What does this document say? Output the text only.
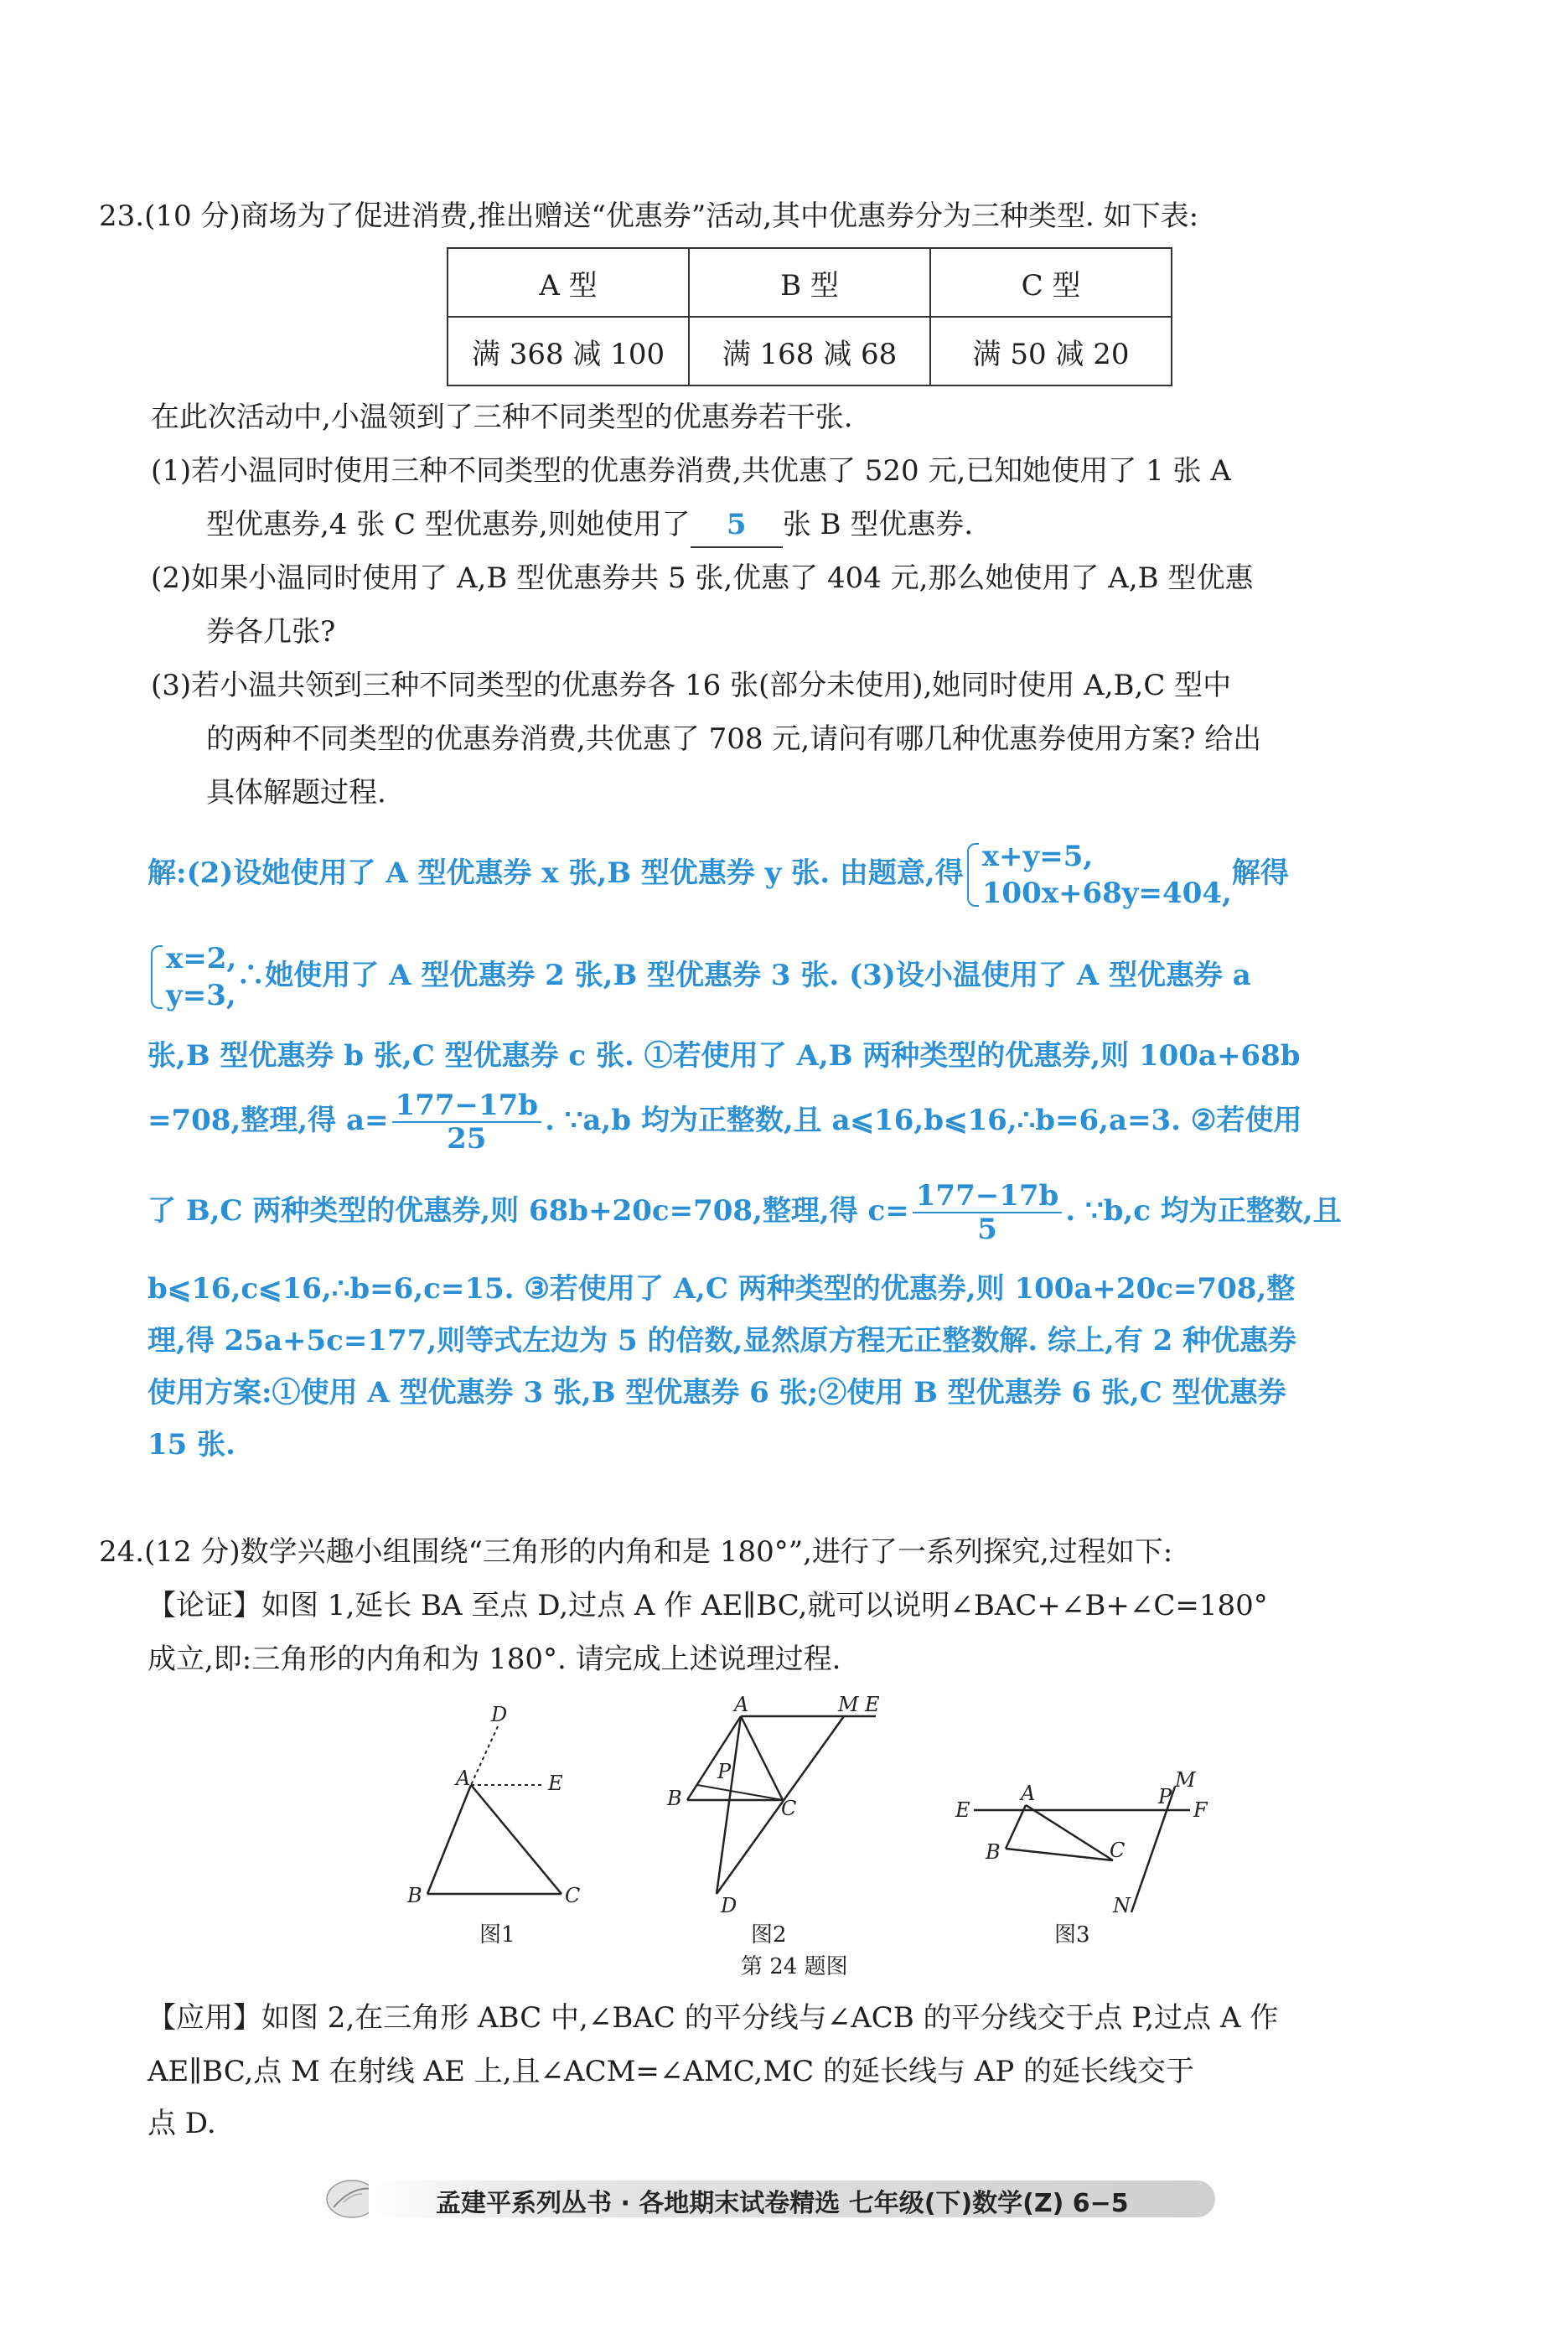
23.(10 分)商场为了促进消费,推出赠送“优惠券”活动,其中优惠券分为三种类型. 如下表:
A 型	B 型	C 型
满 368 减 100	满 168 减 68	满 50 减 20
在此次活动中,小温领到了三种不同类型的优惠券若干张.
(1)若小温同时使用三种不同类型的优惠券消费,共优惠了 520 元,已知她使用了 1 张 A
型优惠券,4 张 C 型优惠券,则她使用了 5 张 B 型优惠券.
(2)如果小温同时使用了 A,B 型优惠券共 5 张,优惠了 404 元,那么她使用了 A,B 型优惠
券各几张?
(3)若小温共领到三种不同类型的优惠券各 16 张(部分未使用),她同时使用 A,B,C 型中
的两种不同类型的优惠券消费,共优惠了 708 元,请问有哪几种优惠券使用方案? 给出
具体解题过程.
解:(2)设她使用了 A 型优惠券 x 张,B 型优惠券 y 张. 由题意,得 x+y=5,
100x+68y=404,
解得
x=2,
y=3,
∴她使用了 A 型优惠券 2 张,B 型优惠券 3 张. (3)设小温使用了 A 型优惠券 a
张,B 型优惠券 b 张,C 型优惠券 c 张. ①若使用了 A,B 两种类型的优惠券,则 100a+68b
=708,整理,得 $a= \frac{177-17b}{25}$ . ∵a,b 均为正整数,且 a⩽16,b⩽16,∴b=6,a=3. ②若使用
了 B,C 两种类型的优惠券,则 68b+20c=708,整理,得 $c= \frac{177-17b}{5}$ . ∵b,c 均为正整数,且
b⩽16,c⩽16,∴b=6,c=15. ③若使用了 A,C 两种类型的优惠券,则 100a+20c=708,整
理,得 25a+5c=177,则等式左边为 5 的倍数,显然原方程无正整数解. 综上,有 2 种优惠券
使用方案:①使用 A 型优惠券 3 张,B 型优惠券 6 张;②使用 B 型优惠券 6 张,C 型优惠券
15 张.
24.(12 分)数学兴趣小组围绕“三角形的内角和是 180°”,进行了一系列探究,过程如下:
【论证】如图 1,延长 BA 至点 D,过点 A 作 AE∥BC,就可以说明∠BAC+∠B+∠C=180°
成立,即:三角形的内角和为 180°. 请完成上述说理过程.
D
A	E
B	C
A	M E
P
B	C
D
E
A	P
M
F
B	C
N
图1	图2	图3
第 24 题图
【应用】如图 2,在三角形 ABC 中,∠BAC 的平分线与∠ACB 的平分线交于点 P,过点 A 作
AE∥BC,点 M 在射线 AE 上,且∠ACM=∠AMC,MC 的延长线与 AP 的延长线交于
点 D.
孟建平系列丛书 · 各地期末试卷精选 七年级(下)数学(Z) 6−5
